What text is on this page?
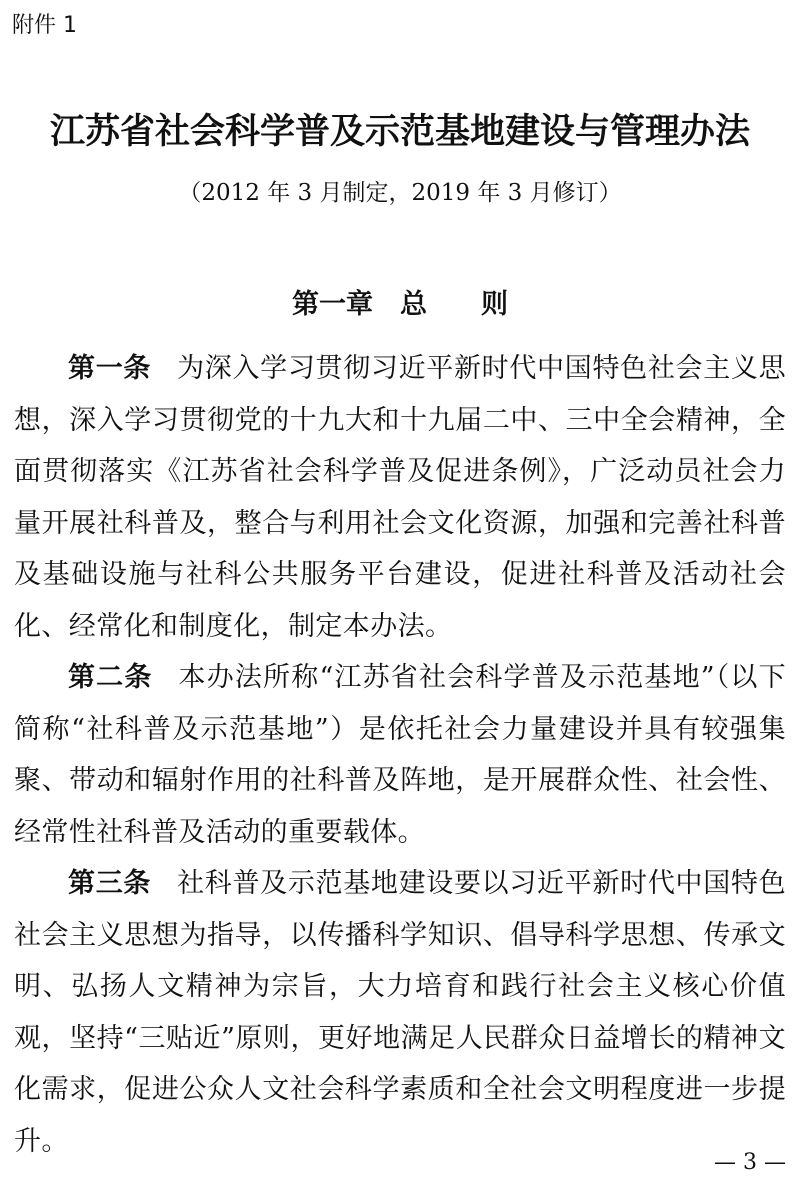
附件 1
江苏省社会科学普及示范基地建设与管理办法
（2012 年 3 月制定，2019 年 3 月修订）
第一章　总　　则

第一条 为深入学习贯彻习近平新时代中国特色社会主义思想，深入学习贯彻党的十九大和十九届二中、三中全会精神，全面贯彻落实《江苏省社会科学普及促进条例》，广泛动员社会力量开展社科普及，整合与利用社会文化资源，加强和完善社科普及基础设施与社科公共服务平台建设，促进社科普及活动社会化、经常化和制度化，制定本办法。

第二条 本办法所称“江苏省社会科学普及示范基地”（以下简称“社科普及示范基地”）是依托社会力量建设并具有较强集聚、带动和辐射作用的社科普及阵地，是开展群众性、社会性、经常性社科普及活动的重要载体。

第三条 社科普及示范基地建设要以习近平新时代中国特色社会主义思想为指导，以传播科学知识、倡导科学思想、传承文明、弘扬人文精神为宗旨，大力培育和践行社会主义核心价值观，坚持“三贴近”原则，更好地满足人民群众日益增长的精神文化需求，促进公众人文社会科学素质和全社会文明程度进一步提升。

— 3 —
